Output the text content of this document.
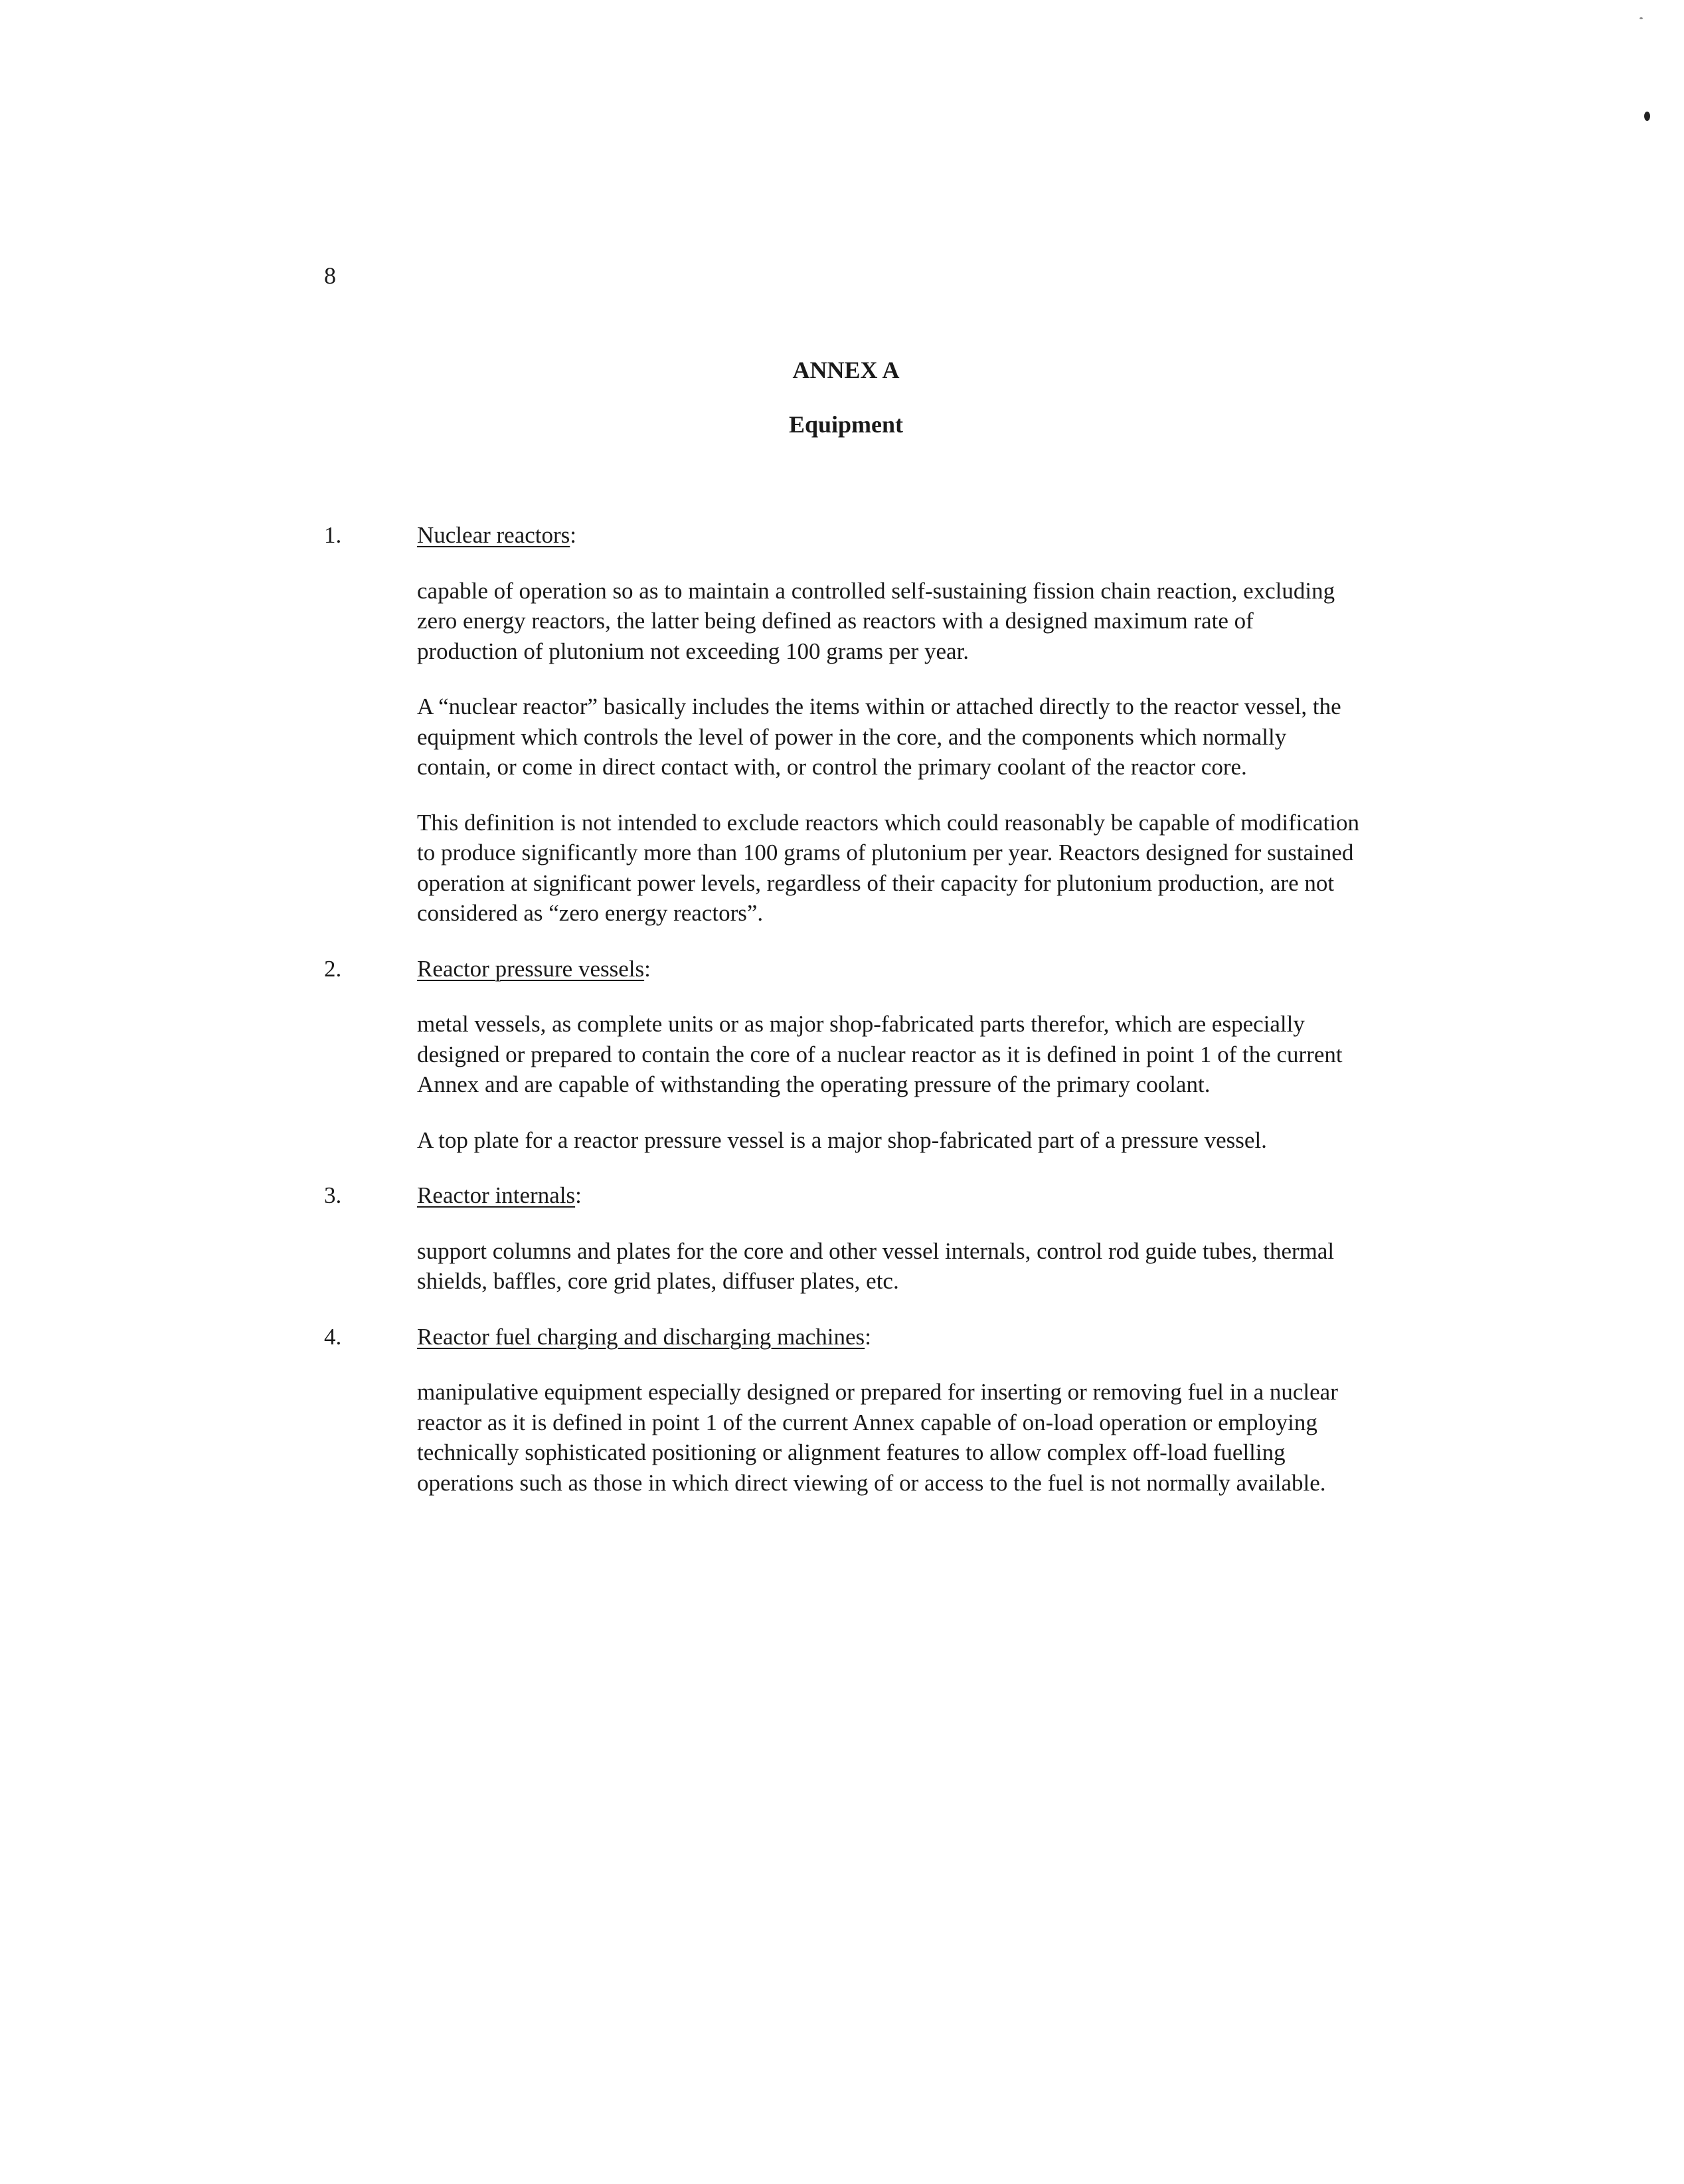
8
ANNEX A
Equipment

1.	Nuclear reactors:

capable of operation so as to maintain a controlled self-sustaining fission chain reaction, excluding zero energy reactors, the latter being defined as reactors with a designed maximum rate of production of plutonium not exceeding 100 grams per year.

A “nuclear reactor” basically includes the items within or attached directly to the reactor vessel, the equipment which controls the level of power in the core, and the components which normally contain, or come in direct contact with, or control the primary coolant of the reactor core.

This definition is not intended to exclude reactors which could reasonably be capable of modification to produce significantly more than 100 grams of plutonium per year. Reactors designed for sustained operation at significant power levels, regardless of their capacity for plutonium production, are not considered as “zero energy reactors”.

2.	Reactor pressure vessels:

metal vessels, as complete units or as major shop-fabricated parts therefor, which are especially designed or prepared to contain the core of a nuclear reactor as it is defined in point 1 of the current Annex and are capable of withstanding the operating pressure of the primary coolant.

A top plate for a reactor pressure vessel is a major shop-fabricated part of a pressure vessel.

3.	Reactor internals:

support columns and plates for the core and other vessel internals, control rod guide tubes, thermal shields, baffles, core grid plates, diffuser plates, etc.

4.	Reactor fuel charging and discharging machines:

manipulative equipment especially designed or prepared for inserting or removing fuel in a nuclear reactor as it is defined in point 1 of the current Annex capable of on-load operation or employing technically sophisticated positioning or alignment features to allow complex off-load fuelling operations such as those in which direct viewing of or access to the fuel is not normally available.
